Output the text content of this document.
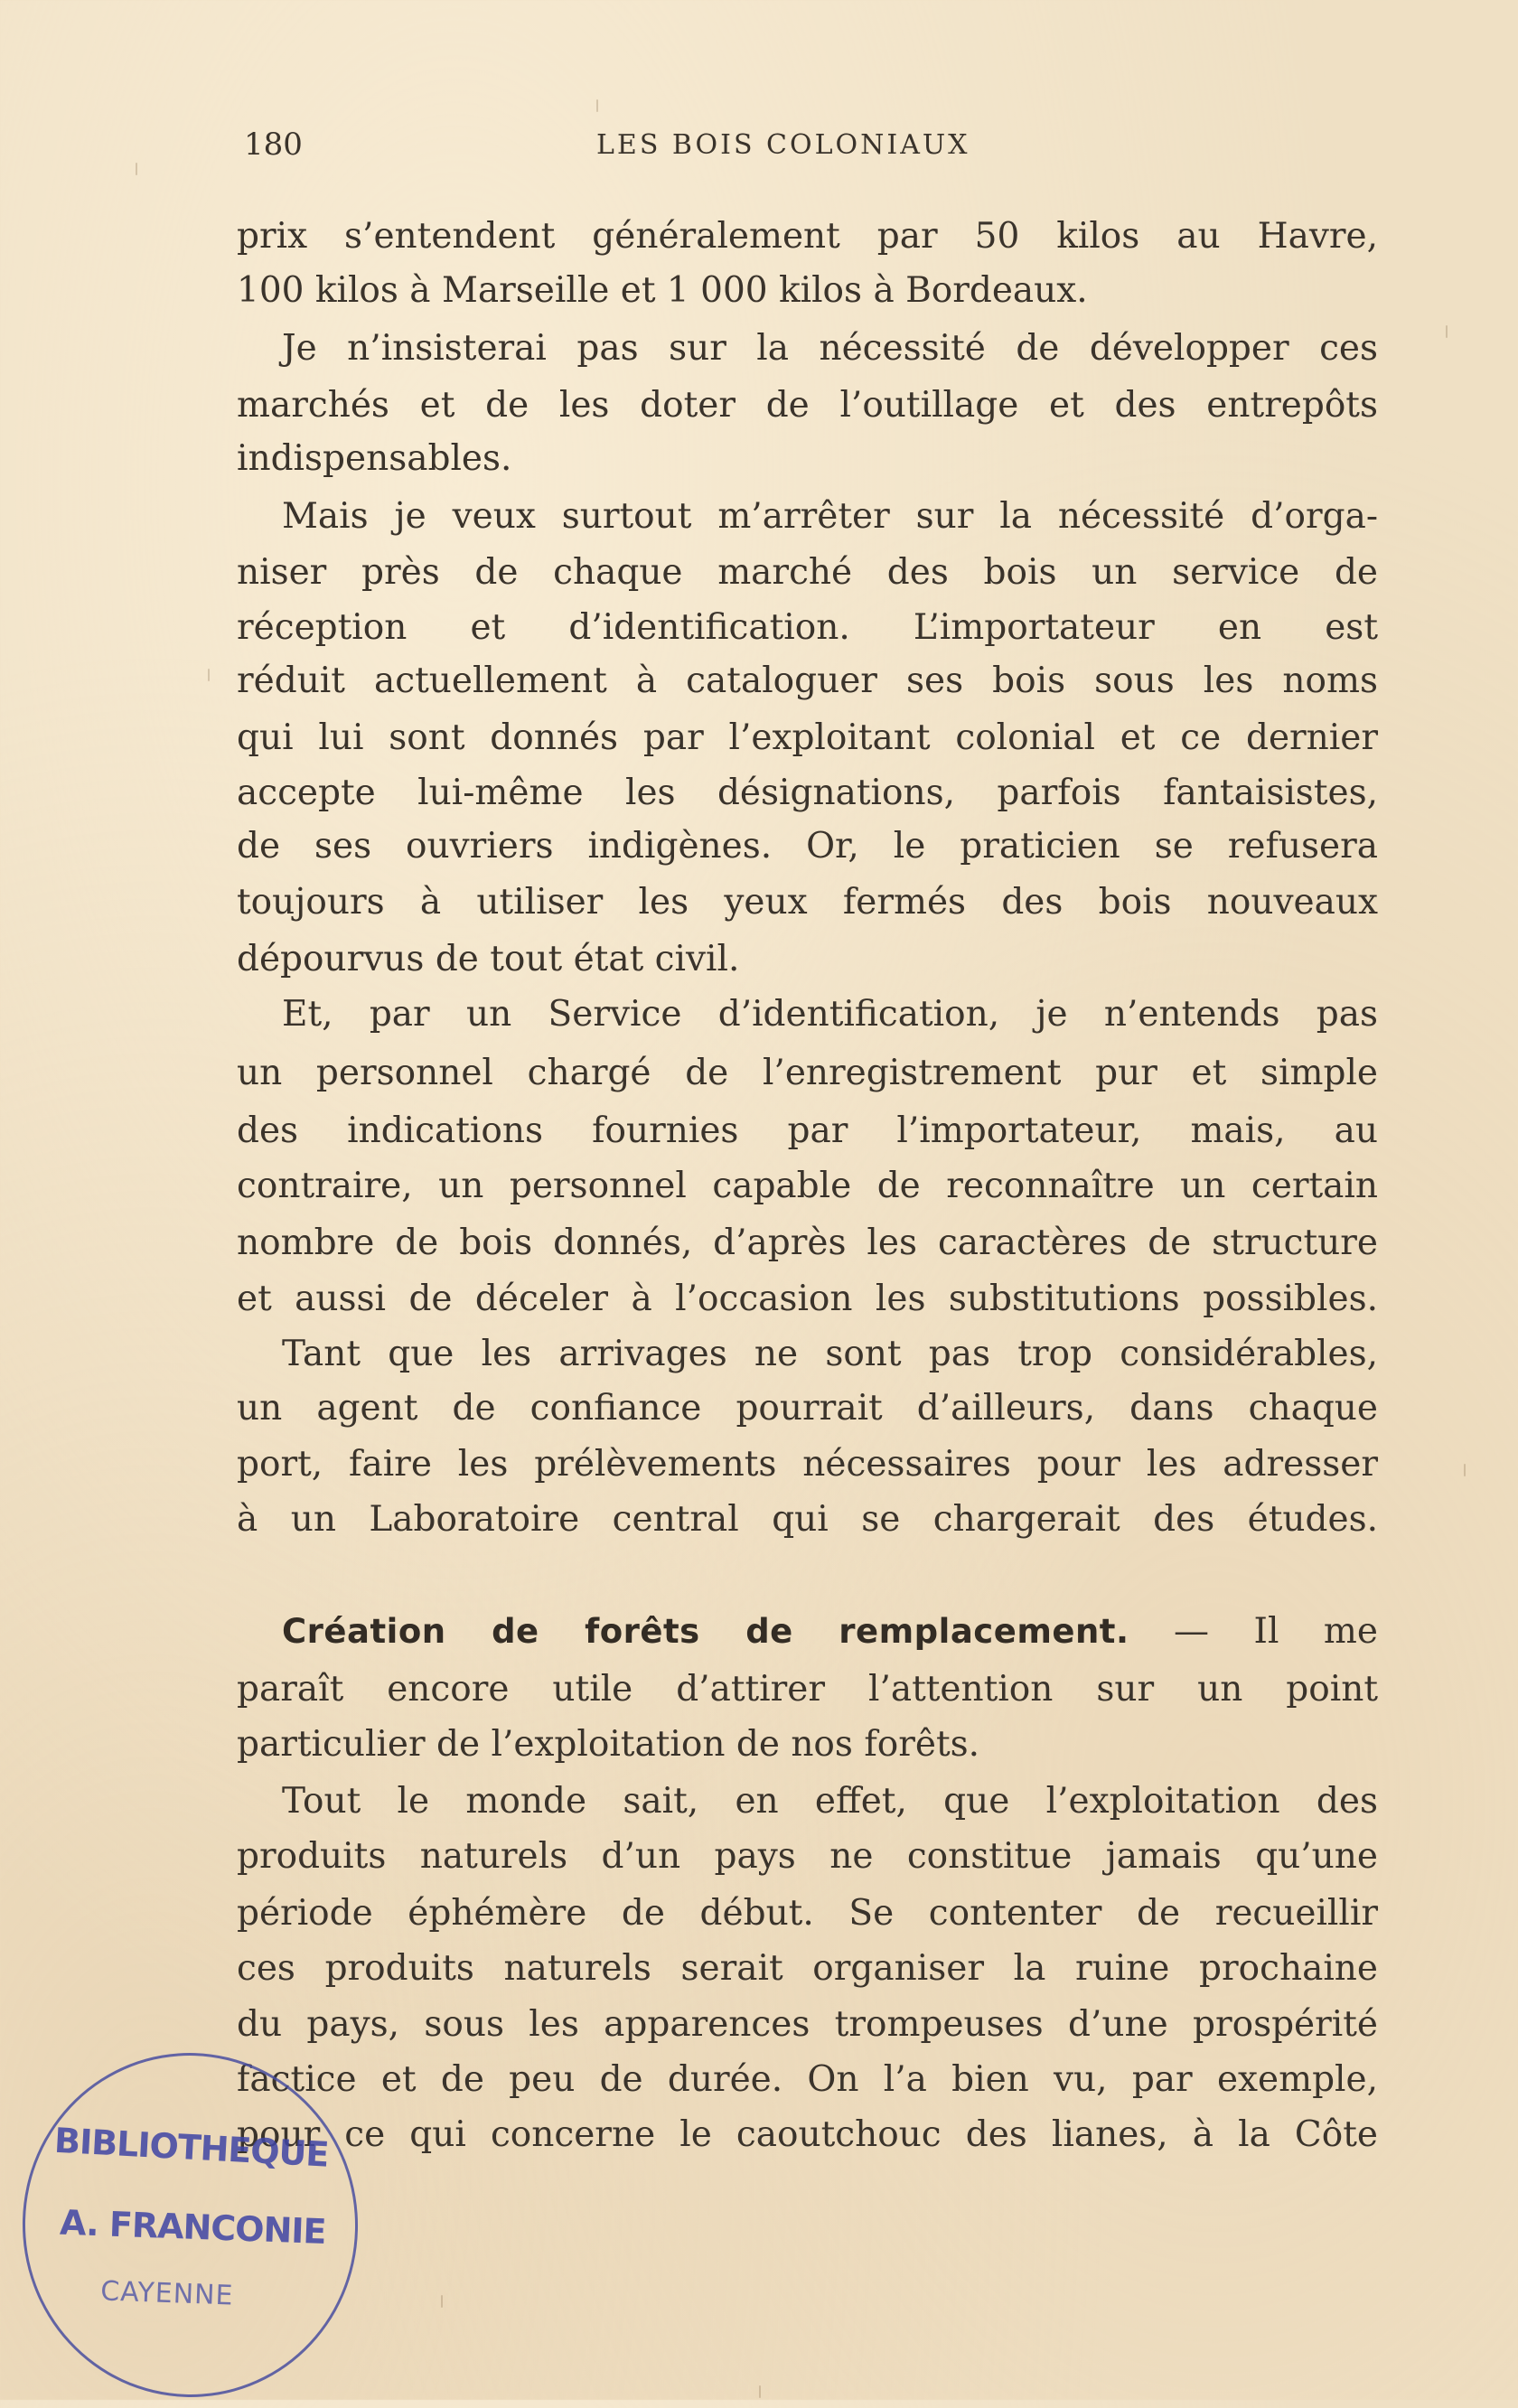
180	LES BOIS COLONIAUX
prix s’entendent généralement par 50 kilos au Havre,
100 kilos à Marseille et 1 000 kilos à Bordeaux.
Je n’insisterai pas sur la nécessité de développer ces
marchés et de les doter de l’outillage et des entrepôts
indispensables.
Mais je veux surtout m’arrêter sur la nécessité d’orga-
niser près de chaque marché des bois un service de
réception et d’identification. L’importateur en est
réduit actuellement à cataloguer ses bois sous les noms
qui lui sont donnés par l’exploitant colonial et ce dernier
accepte lui-même les désignations, parfois fantaisistes,
de ses ouvriers indigènes. Or, le praticien se refusera
toujours à utiliser les yeux fermés des bois nouveaux
dépourvus de tout état civil.
Et, par un Service d’identification, je n’entends pas
un personnel chargé de l’enregistrement pur et simple
des indications fournies par l’importateur, mais, au
contraire, un personnel capable de reconnaître un certain
nombre de bois donnés, d’après les caractères de structure
et aussi de déceler à l’occasion les substitutions possibles.
Tant que les arrivages ne sont pas trop considérables,
un agent de confiance pourrait d’ailleurs, dans chaque
port, faire les prélèvements nécessaires pour les adresser
à un Laboratoire central qui se chargerait des études.
Création de forêts de remplacement. — Il me
paraît encore utile d’attirer l’attention sur un point
particulier de l’exploitation de nos forêts.
Tout le monde sait, en effet, que l’exploitation des
produits naturels d’un pays ne constitue jamais qu’une
période éphémère de début. Se contenter de recueillir
ces produits naturels serait organiser la ruine prochaine
du pays, sous les apparences trompeuses d’une prospérité
factice et de peu de durée. On l’a bien vu, par exemple,
pour ce qui concerne le caoutchouc des lianes, à la Côte
BIBLIOTHEQUE
A. FRANCONIE
CAYENNE
